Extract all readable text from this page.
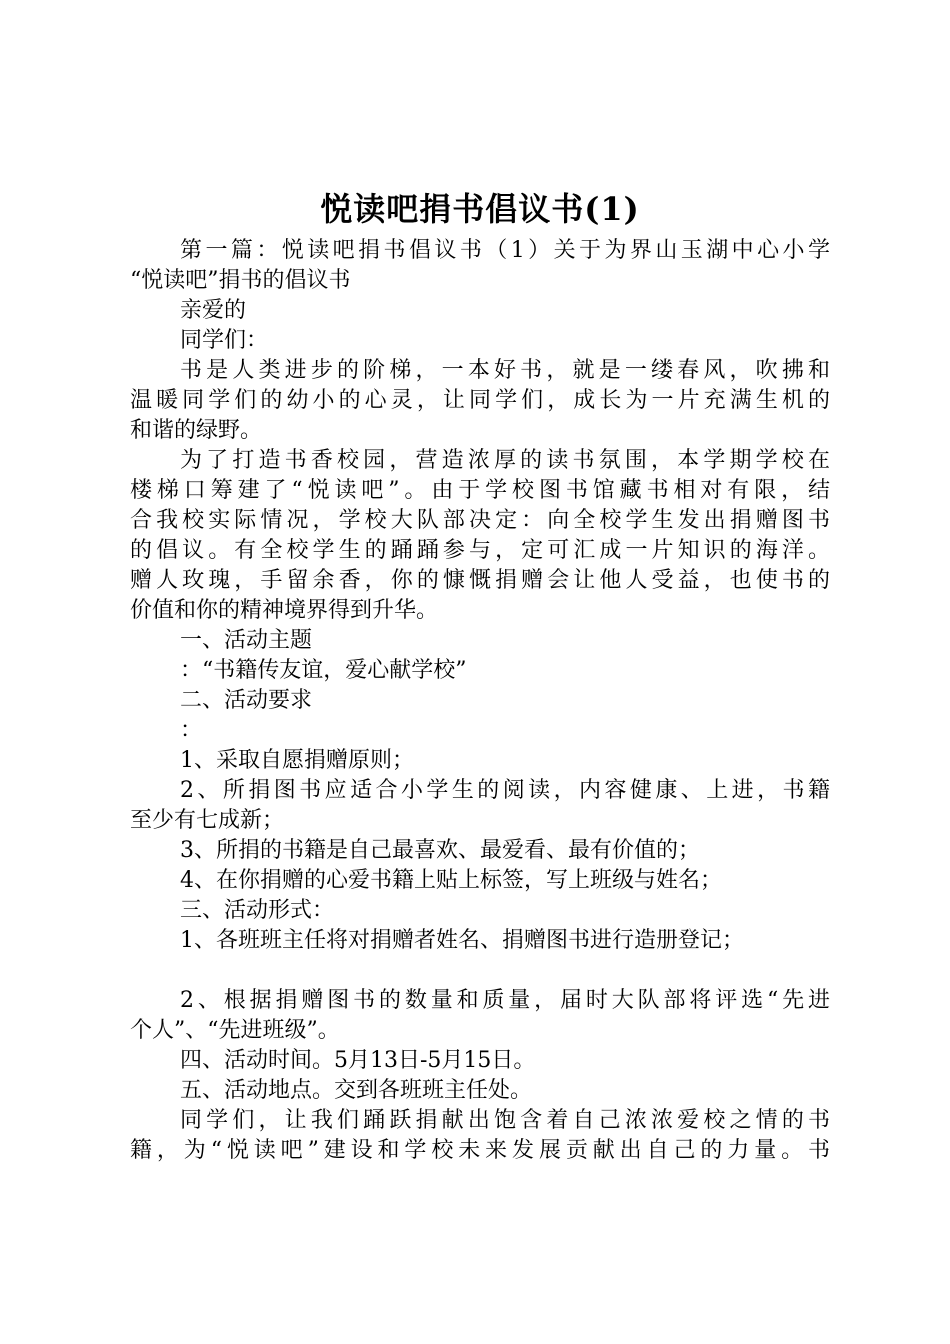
悦读吧捐书倡议书(1)
第一篇：悦读吧捐书倡议书（1）关于为界山玉湖中心小学
“悦读吧”捐书的倡议书
亲爱的
同学们：
书是人类进步的阶梯，一本好书，就是一缕春风，吹拂和
温暖同学们的幼小的心灵，让同学们，成长为一片充满生机的
和谐的绿野。
为了打造书香校园，营造浓厚的读书氛围，本学期学校在
楼梯口筹建了“悦读吧”。由于学校图书馆藏书相对有限，结
合我校实际情况，学校大队部决定：向全校学生发出捐赠图书
的倡议。有全校学生的踊踊参与，定可汇成一片知识的海洋。
赠人玫瑰，手留余香，你的慷慨捐赠会让他人受益，也使书的
价值和你的精神境界得到升华。
一、活动主题
：“书籍传友谊，爱心献学校”
二、活动要求
：
1、采取自愿捐赠原则；
2、所捐图书应适合小学生的阅读，内容健康、上进，书籍
至少有七成新；
3、所捐的书籍是自己最喜欢、最爱看、最有价值的；
4、在你捐赠的心爱书籍上贴上标签，写上班级与姓名；
三、活动形式：
1、各班班主任将对捐赠者姓名、捐赠图书进行造册登记；
2、根据捐赠图书的数量和质量，届时大队部将评选“先进
个人”、“先进班级”。
四、活动时间。5月13日-5月15日。
五、活动地点。交到各班班主任处。
同学们，让我们踊跃捐献出饱含着自己浓浓爱校之情的书
籍，为“悦读吧”建设和学校未来发展贡献出自己的力量。书
